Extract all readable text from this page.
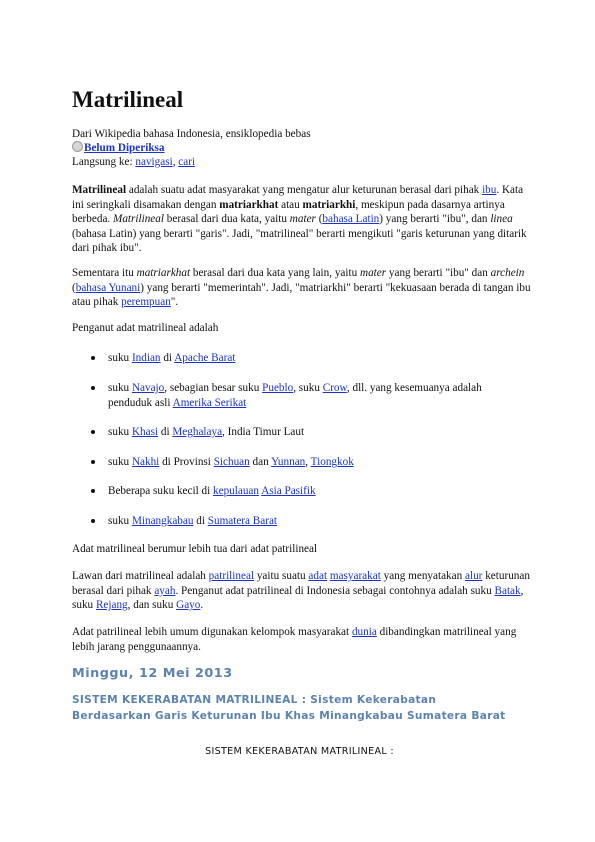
Matrilineal
Dari Wikipedia bahasa Indonesia, ensiklopedia bebas
Belum Diperiksa
Langsung ke: navigasi, cari

Matrilineal adalah suatu adat masyarakat yang mengatur alur keturunan berasal dari pihak ibu. Kata ini seringkali disamakan dengan matriarkhat atau matriarkhi, meskipun pada dasarnya artinya berbeda. Matrilineal berasal dari dua kata, yaitu mater (bahasa Latin) yang berarti "ibu", dan linea (bahasa Latin) yang berarti "garis". Jadi, "matrilineal" berarti mengikuti "garis keturunan yang ditarik dari pihak ibu".

Sementara itu matriarkhat berasal dari dua kata yang lain, yaitu mater yang berarti "ibu" dan archein (bahasa Yunani) yang berarti "memerintah". Jadi, "matriarkhi" berarti "kekuasaan berada di tangan ibu atau pihak perempuan".

Penganut adat matrilineal adalah

suku Indian di Apache Barat
suku Navajo, sebagian besar suku Pueblo, suku Crow, dll. yang kesemuanya adalah penduduk asli Amerika Serikat
suku Khasi di Meghalaya, India Timur Laut
suku Nakhi di Provinsi Sichuan dan Yunnan, Tiongkok
Beberapa suku kecil di kepulauan Asia Pasifik
suku Minangkabau di Sumatera Barat

Adat matrilineal berumur lebih tua dari adat patrilineal

Lawan dari matrilineal adalah patrilineal yaitu suatu adat masyarakat yang menyatakan alur keturunan berasal dari pihak ayah. Penganut adat patrilineal di Indonesia sebagai contohnya adalah suku Batak, suku Rejang, dan suku Gayo.

Adat patrilineal lebih umum digunakan kelompok masyarakat dunia dibandingkan matrilineal yang lebih jarang penggunaannya.

Minggu, 12 Mei 2013
SISTEM KEKERABATAN MATRILINEAL : Sistem Kekerabatan Berdasarkan Garis Keturunan Ibu Khas Minangkabau Sumatera Barat
SISTEM KEKERABATAN MATRILINEAL :
